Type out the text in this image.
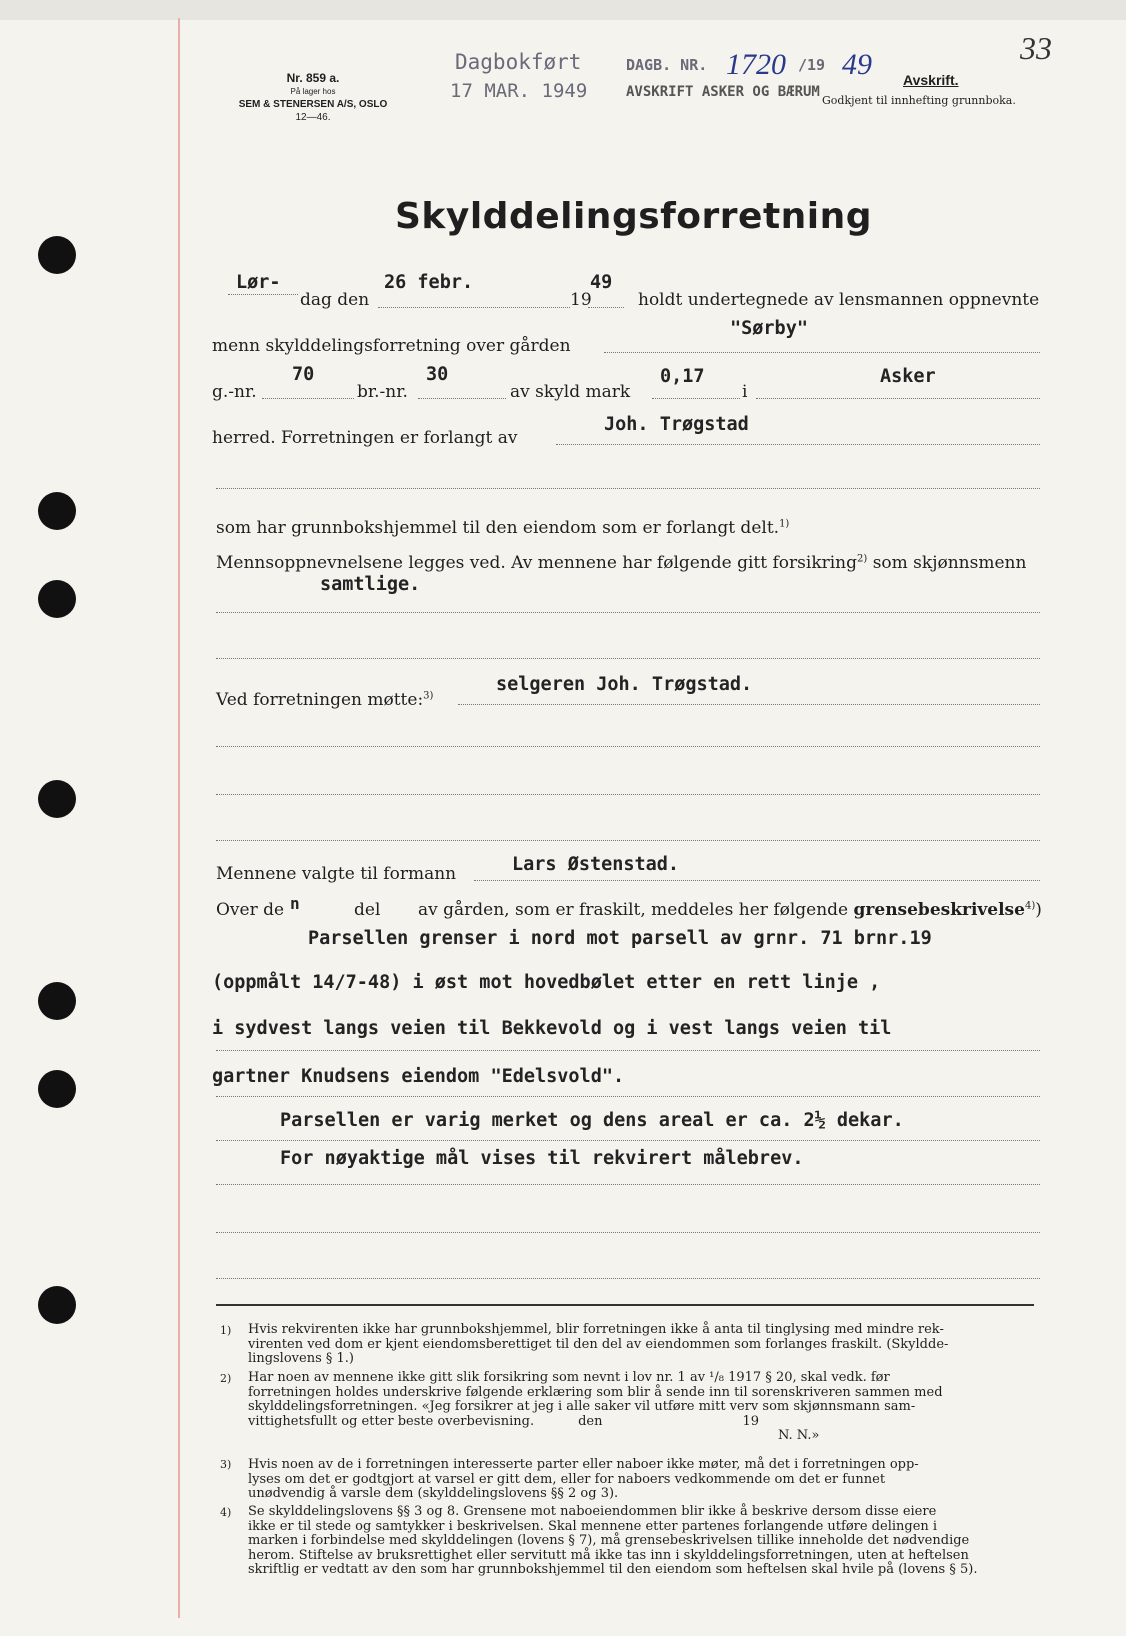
Nr. 859 a.
På lager hos
SEM & STENERSEN A/S, OSLO
12—46.
Dagbokført
17 MAR. 1949
DAGB. NR. 1720 /19 49
AVSKRIFT ASKER OG BÆRUM
Avskrift.
Godkjent til innhefting grunnboka.
33
Skylddelingsforretning
Lør-
dag den
26 febr.
19
49
holdt undertegnede av lensmannen oppnevnte
menn skylddelingsforretning over gården
"Sørby"
g.-nr.
70
br.-nr.
30
av skyld mark
0,17
i
Asker
herred. Forretningen er forlangt av
Joh. Trøgstad
som har grunnbokshjemmel til den eiendom som er forlangt delt.$^{1)}$
Mennsoppnevnelsene legges ved. Av mennene har følgende gitt forsikring$^{2)}$ som skjønnsmenn
samtlige.
Ved forretningen møtte:$^{3)}$
selgeren Joh. Trøgstad.
Mennene valgte til formann	Lars Østenstad.
Over de n	del av gården, som er fraskilt, meddeles her følgende grensebeskrivelse$^{4)}$)
Parsellen grenser i nord mot parsell av grnr. 71 brnr.19
(oppmålt 14/7-48) i øst mot hovedbølet etter en rett linje ,
i sydvest langs veien til Bekkevold og i vest langs veien til
gartner Knudsens eiendom "Edelsvold".
Parsellen er varig merket og dens areal er ca. 2½ dekar.
For nøyaktige mål vises til rekvirert målebrev.
1) Hvis rekvirenten ikke har grunnbokshjemmel, blir forretningen ikke å anta til tinglysing med mindre rek-
virenten ved dom er kjent eiendomsberettiget til den del av eiendommen som forlanges fraskilt. (Skyldde-
lingslovens § 1.)
2) Har noen av mennene ikke gitt slik forsikring som nevnt i lov nr. 1 av ¹/₈ 1917 § 20, skal vedk. før
forretningen holdes underskrive følgende erklæring som blir å sende inn til sorenskriveren sammen med
skylddelingsforretningen. «Jeg forsikrer at jeg i alle saker vil utføre mitt verv som skjønnsmann sam-
vittighetsfullt og etter beste overbevisning.	den	19
N. N.»
3) Hvis noen av de i forretningen interesserte parter eller naboer ikke møter, må det i forretningen opp-
lyses om det er godtgjort at varsel er gitt dem, eller for naboers vedkommende om det er funnet
unødvendig å varsle dem (skylddelingslovens §§ 2 og 3).
4) Se skylddelingslovens §§ 3 og 8. Grensene mot naboeiendommen blir ikke å beskrive dersom disse eiere
ikke er til stede og samtykker i beskrivelsen. Skal mennene etter partenes forlangende utføre delingen i
marken i forbindelse med skylddelingen (lovens § 7), må grensebeskrivelsen tillike inneholde det nødvendige
herom. Stiftelse av bruksrettighet eller servitutt må ikke tas inn i skylddelingsforretningen, uten at heftelsen
skriftlig er vedtatt av den som har grunnbokshjemmel til den eiendom som heftelsen skal hvile på (lovens § 5).
